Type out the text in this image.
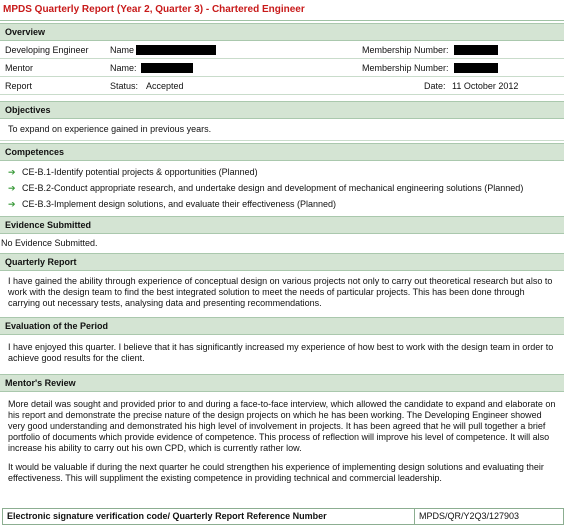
MPDS Quarterly Report (Year 2, Quarter 3) - Chartered Engineer
Overview
Developing Engineer	Name	Membership Number:
Mentor	Name:	Membership Number:
Report	Status: Accepted	Date: 11 October 2012
Objectives
To expand on experience gained in previous years.
Competences
➔ CE-B.1-Identify potential projects & opportunities (Planned)
➔ CE-B.2-Conduct appropriate research, and undertake design and development of mechanical engineering solutions (Planned)
➔ CE-B.3-Implement design solutions, and evaluate their effectiveness (Planned)
Evidence Submitted
No Evidence Submitted.
Quarterly Report
I have gained the ability through experience of conceptual design on various projects not only to carry out theoretical research but also to work with the design team to find the best integrated solution to meet the needs of particular projects. This has been done through carrying out necessary tests, analysing data and presenting recommendations.
Evaluation of the Period
I have enjoyed this quarter. I believe that it has significantly increased my experience of how best to work with the design team in order to achieve good results for the client.
Mentor's Review
More detail was sought and provided prior to and during a face-to-face interview, which allowed the candidate to expand and elaborate on his report and demonstrate the precise nature of the design projects on which he has been working. The Developing Engineer showed very good understanding and demonstrated his high level of involvement in projects. It has been agreed that he will pull together a brief portfolio of documents which provide evidence of competence. This process of reflection will improve his level of competence. It will also increase his ability to carry out his own CPD, which is currently rather low.
It would be valuable if during the next quarter he could strengthen his experience of implementing design solutions and evaluating their effectiveness. This will suppliment the existing competence in providing technical and commercial leadership.
Electronic signature verification code/ Quarterly Report Reference Number	MPDS/QR/Y2Q3/127903
